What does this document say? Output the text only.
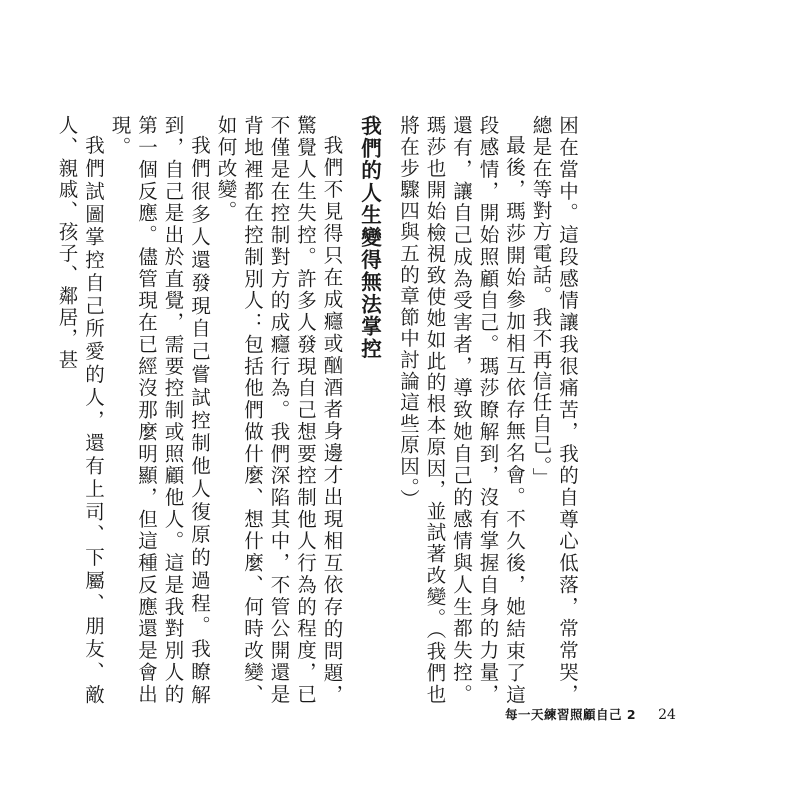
困在當中。這段感情讓我很痛苦，我的自尊心低落，常常哭，總是在等對方電話。我不再信任自己。」

最後，瑪莎開始參加相互依存無名會。不久後，她結束了這段感情，開始照顧自己。瑪莎瞭解到，沒有掌握自身的力量，還有，讓自己成為受害者，導致她自己的感情與人生都失控。瑪莎也開始檢視致使她如此的根本原因，並試著改變。（我們也將在步驟四與五的章節中討論這些原因。）

我們的人生變得無法掌控

我們不見得只在成癮或酗酒者身邊才出現相互依存的問題，驚覺人生失控。許多人發現自己想要控制他人行為的程度，已不僅是在控制對方的成癮行為。我們深陷其中，不管公開還是背地裡都在控制別人：包括他們做什麼、想什麼、何時改變、如何改變。

我們很多人還發現自己嘗試控制他人復原的過程。我瞭解到，自己是出於直覺，需要控制或照顧他人。這是我對別人的第一個反應。儘管現在已經沒那麼明顯，但這種反應還是會出現。

我們試圖掌控自己所愛的人，還有上司、下屬、朋友、敵人、親戚、孩子、鄰居，甚

每一天練習照顧自己 2 24
